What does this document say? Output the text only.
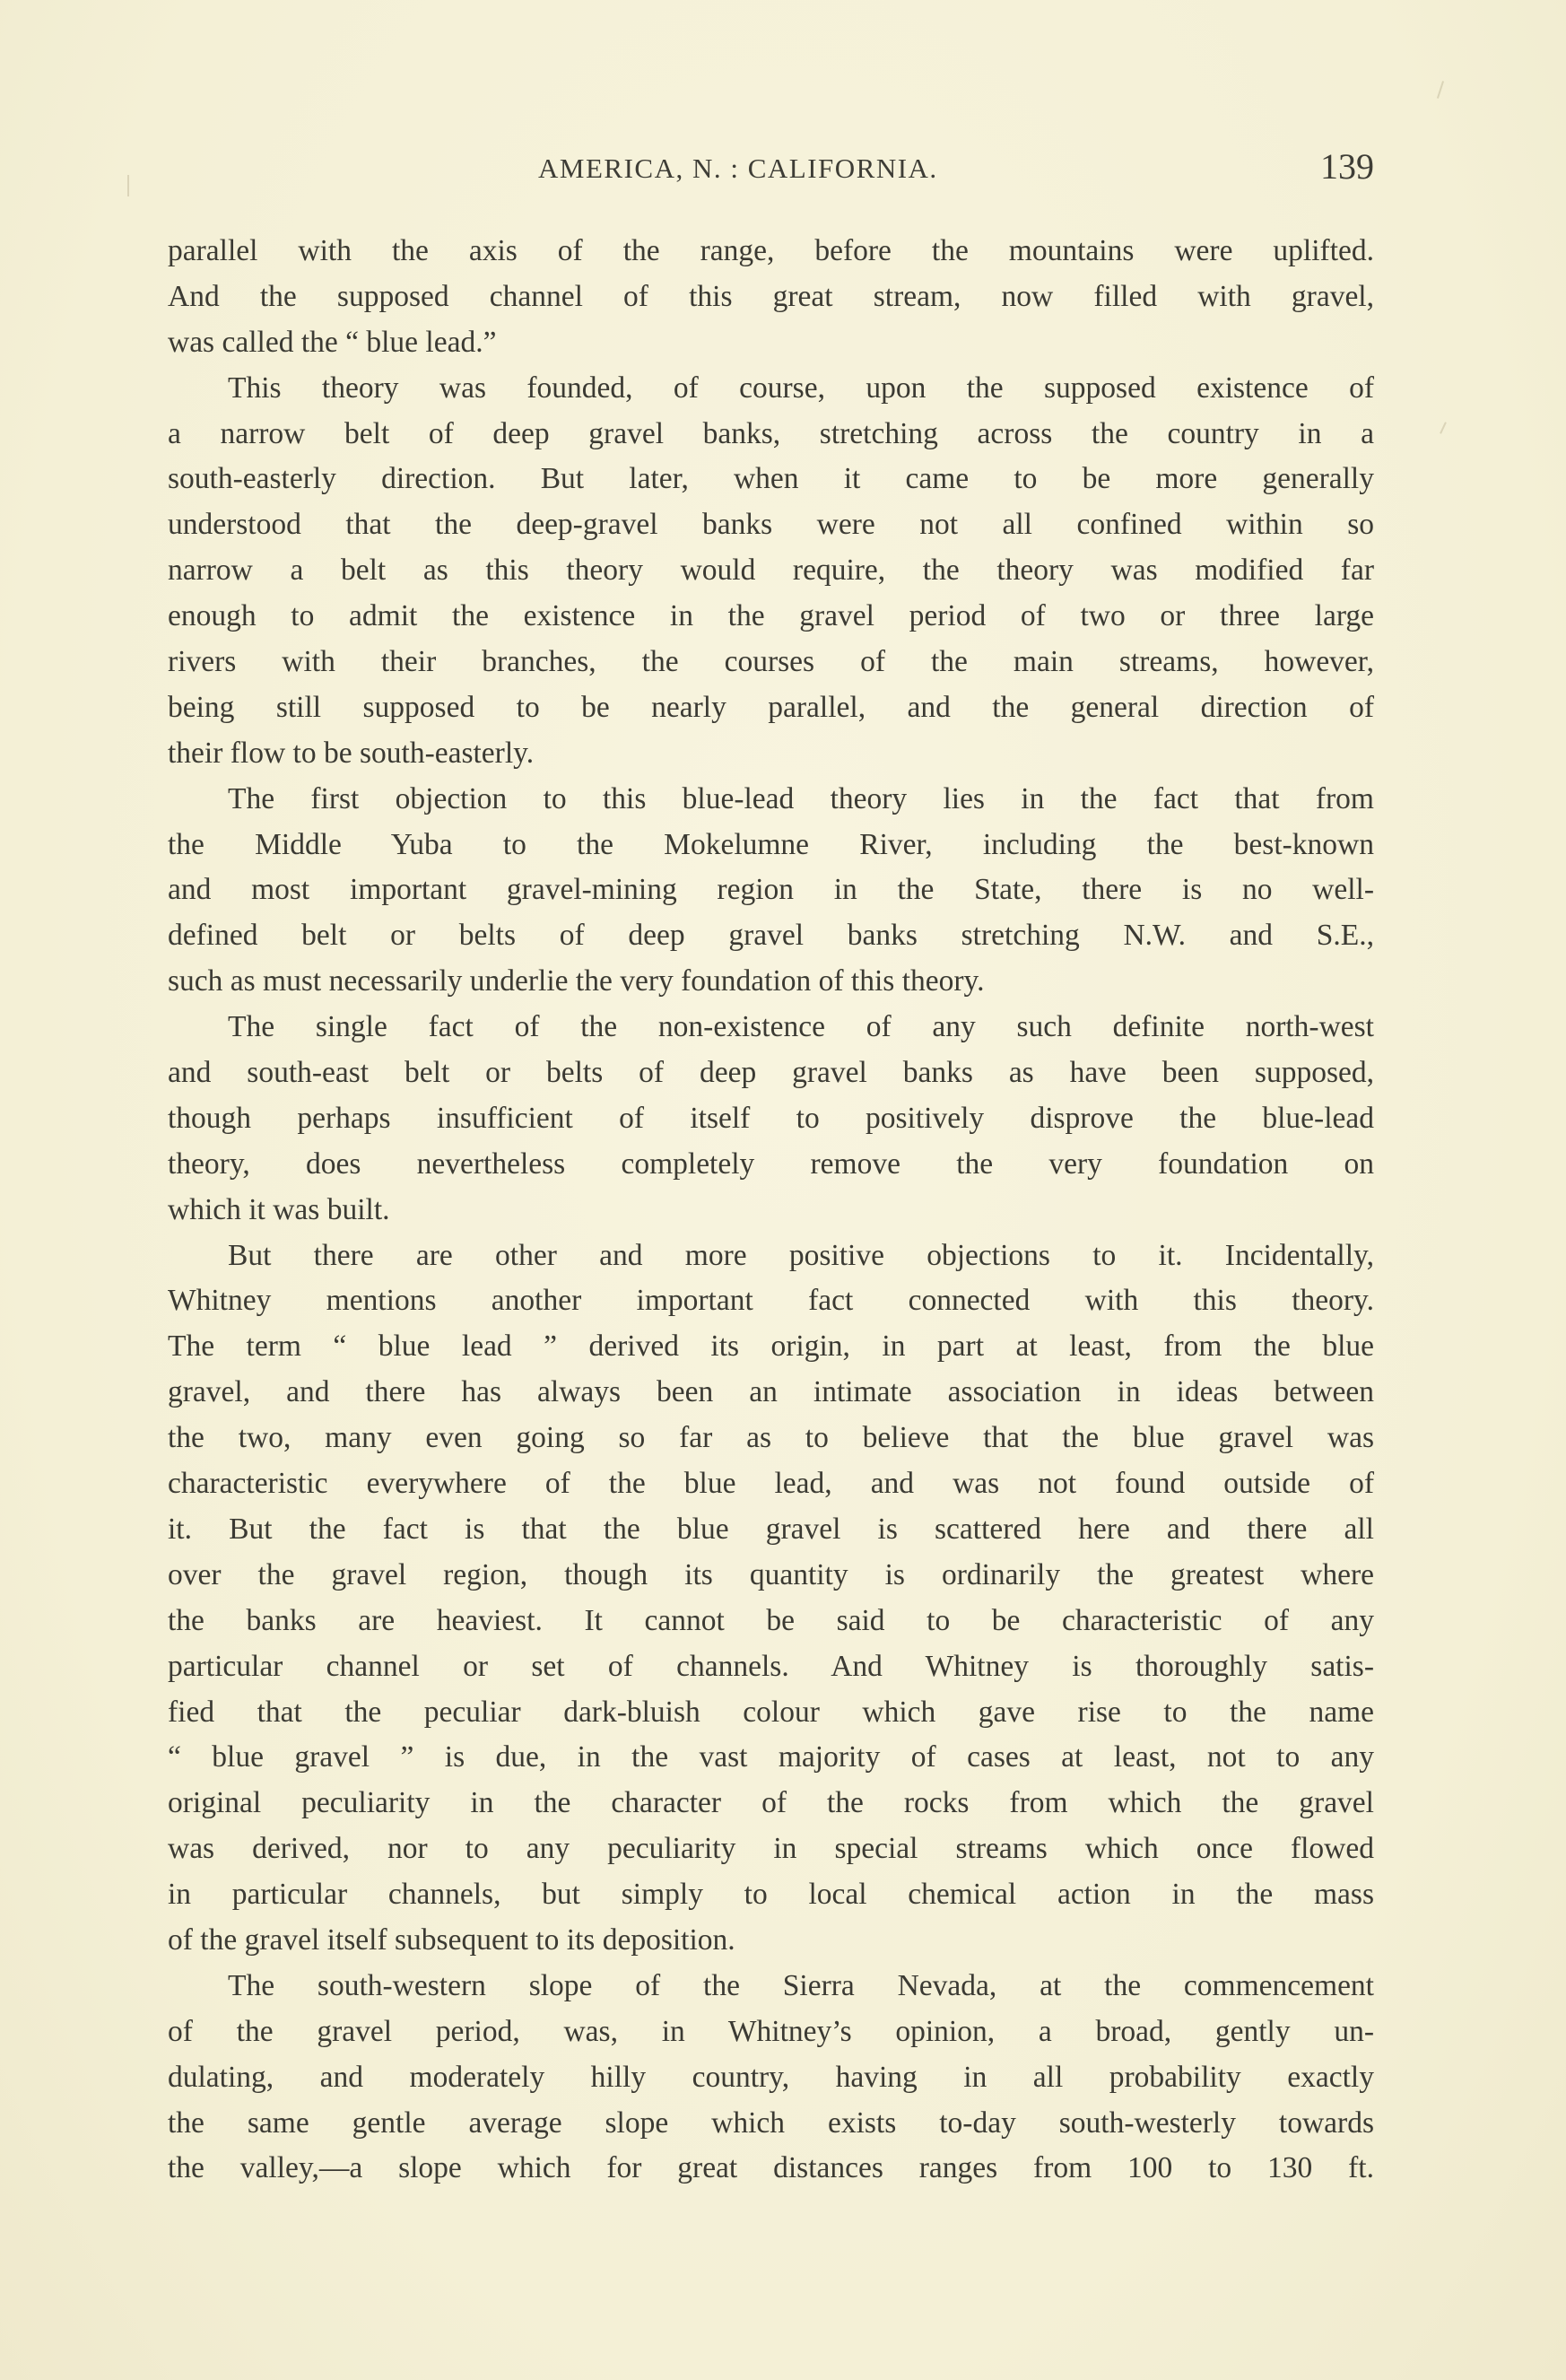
AMERICA, N. : CALIFORNIA.	139
parallel with the axis of the range, before the mountains were uplifted.
And the supposed channel of this great stream, now filled with gravel,
was called the “ blue lead.”
This theory was founded, of course, upon the supposed existence of
a narrow belt of deep gravel banks, stretching across the country in a
south-easterly direction. But later, when it came to be more generally
understood that the deep-gravel banks were not all confined within so
narrow a belt as this theory would require, the theory was modified far
enough to admit the existence in the gravel period of two or three large
rivers with their branches, the courses of the main streams, however,
being still supposed to be nearly parallel, and the general direction of
their flow to be south-easterly.
The first objection to this blue-lead theory lies in the fact that from
the Middle Yuba to the Mokelumne River, including the best-known
and most important gravel-mining region in the State, there is no well-
defined belt or belts of deep gravel banks stretching N.W. and S.E.,
such as must necessarily underlie the very foundation of this theory.
The single fact of the non-existence of any such definite north-west
and south-east belt or belts of deep gravel banks as have been supposed,
though perhaps insufficient of itself to positively disprove the blue-lead
theory, does nevertheless completely remove the very foundation on
which it was built.
But there are other and more positive objections to it. Incidentally,
Whitney mentions another important fact connected with this theory.
The term “ blue lead ” derived its origin, in part at least, from the blue
gravel, and there has always been an intimate association in ideas between
the two, many even going so far as to believe that the blue gravel was
characteristic everywhere of the blue lead, and was not found outside of
it. But the fact is that the blue gravel is scattered here and there all
over the gravel region, though its quantity is ordinarily the greatest where
the banks are heaviest. It cannot be said to be characteristic of any
particular channel or set of channels. And Whitney is thoroughly satis-
fied that the peculiar dark-bluish colour which gave rise to the name
“ blue gravel ” is due, in the vast majority of cases at least, not to any
original peculiarity in the character of the rocks from which the gravel
was derived, nor to any peculiarity in special streams which once flowed
in particular channels, but simply to local chemical action in the mass
of the gravel itself subsequent to its deposition.
The south-western slope of the Sierra Nevada, at the commencement
of the gravel period, was, in Whitney’s opinion, a broad, gently un-
dulating, and moderately hilly country, having in all probability exactly
the same gentle average slope which exists to-day south-westerly towards
the valley,—a slope which for great distances ranges from 100 to 130 ft.
